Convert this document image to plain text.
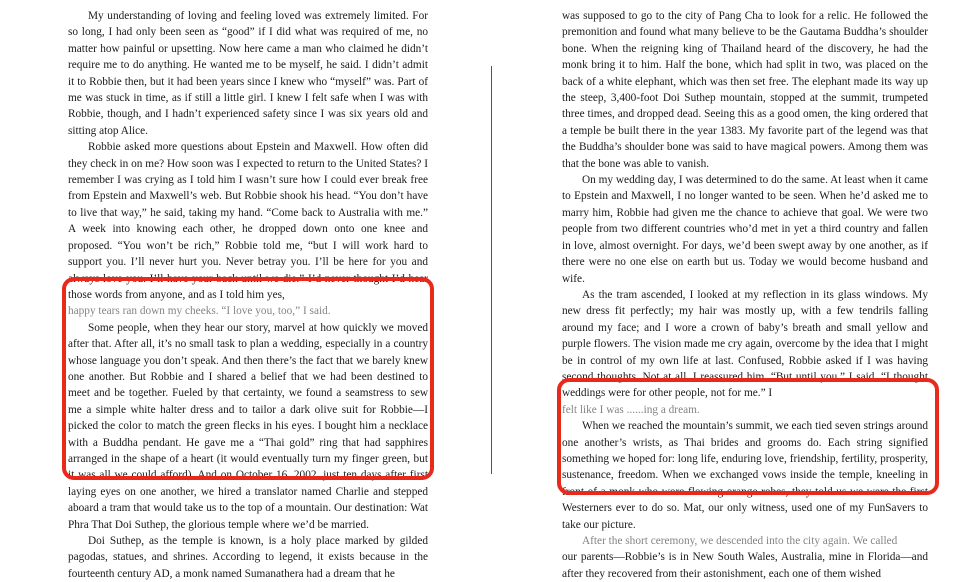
My understanding of loving and feeling loved was extremely limited. For so long, I had only been seen as “good” if I did what was required of me, no matter how painful or upsetting. Now here came a man who claimed he didn’t require me to do anything. He wanted me to be myself, he said. I didn’t admit it to Robbie then, but it had been years since I knew who “myself” was. Part of me was stuck in time, as if still a little girl. I knew I felt safe when I was with Robbie, though, and I hadn’t experienced safety since I was six years old and sitting atop Alice.

Robbie asked more questions about Epstein and Maxwell. How often did they check in on me? How soon was I expected to return to the United States? I remember I was crying as I told him I wasn’t sure how I could ever break free from Epstein and Maxwell’s web. But Robbie shook his head. “You don’t have to live that way,” he said, taking my hand. “Come back to Australia with me.” A week into knowing each other, he dropped down onto one knee and proposed. “You won’t be rich,” Robbie told me, “but I will work hard to support you. I’ll never hurt you. Never betray you. I’ll be here for you and always love you. I’ll have your back until we die.” I’d never thought I’d hear those words from anyone, and as I told him yes,

happy tears ran down my cheeks. “I love you, too,” I said.

Some people, when they hear our story, marvel at how quickly we moved after that. After all, it’s no small task to plan a wedding, especially in a country whose language you don’t speak. And then there’s the fact that we barely knew one another. But Robbie and I shared a belief that we had been destined to meet and be together. Fueled by that certainty, we found a seamstress to sew me a simple white halter dress and to tailor a dark olive suit for Robbie—I picked the color to match the green flecks in his eyes. I bought him a necklace with a Buddha pendant. He gave me a “Thai gold” ring that had sapphires arranged in the shape of a heart (it would eventually turn my finger green, but it was all we could afford). And on October 16, 2002, just ten days after first laying eyes on one another, we hired a translator named Charlie and stepped aboard a tram that would take us to the top of a mountain. Our destination: Wat Phra That Doi Suthep, the glorious temple where we’d be married.

Doi Suthep, as the temple is known, is a holy place marked by gilded pagodas, statues, and shrines. According to legend, it exists because in the fourteenth century AD, a monk named Sumanathera had a dream that he

was supposed to go to the city of Pang Cha to look for a relic. He followed the premonition and found what many believe to be the Gautama Buddha’s shoulder bone. When the reigning king of Thailand heard of the discovery, he had the monk bring it to him. Half the bone, which had split in two, was placed on the back of a white elephant, which was then set free. The elephant made its way up the steep, 3,400-foot Doi Suthep mountain, stopped at the summit, trumpeted three times, and dropped dead. Seeing this as a good omen, the king ordered that a temple be built there in the year 1383. My favorite part of the legend was that the Buddha’s shoulder bone was said to have magical powers. Among them was that the bone was able to vanish.

On my wedding day, I was determined to do the same. At least when it came to Epstein and Maxwell, I no longer wanted to be seen. When he’d asked me to marry him, Robbie had given me the chance to achieve that goal. We were two people from two different countries who’d met in yet a third country and fallen in love, almost overnight. For days, we’d been swept away by one another, as if there were no one else on earth but us. Today we would become husband and wife.

As the tram ascended, I looked at my reflection in its glass windows. My new dress fit perfectly; my hair was mostly up, with a few tendrils falling around my face; and I wore a crown of baby’s breath and small yellow and purple flowers. The vision made me cry again, overcome by the idea that I might be in control of my own life at last. Confused, Robbie asked if I was having second thoughts. Not at all, I reassured him. “But until you,” I said, “I thought weddings were for other people, not for me.” I

felt like I was ......ing a dream.

When we reached the mountain’s summit, we each tied seven strings around one another’s wrists, as Thai brides and grooms do. Each string signified something we hoped for: long life, enduring love, friendship, fertility, prosperity, sustenance, freedom. When we exchanged vows inside the temple, kneeling in front of a monk who wore flowing orange robes, they told us we were the first Westerners ever to do so. Mat, our only witness, used one of my FunSavers to take our picture.

After the short ceremony, we descended into the city again. We called

our parents—Robbie’s is in New South Wales, Australia, mine in Florida—and after they recovered from their astonishment, each one of them wished
